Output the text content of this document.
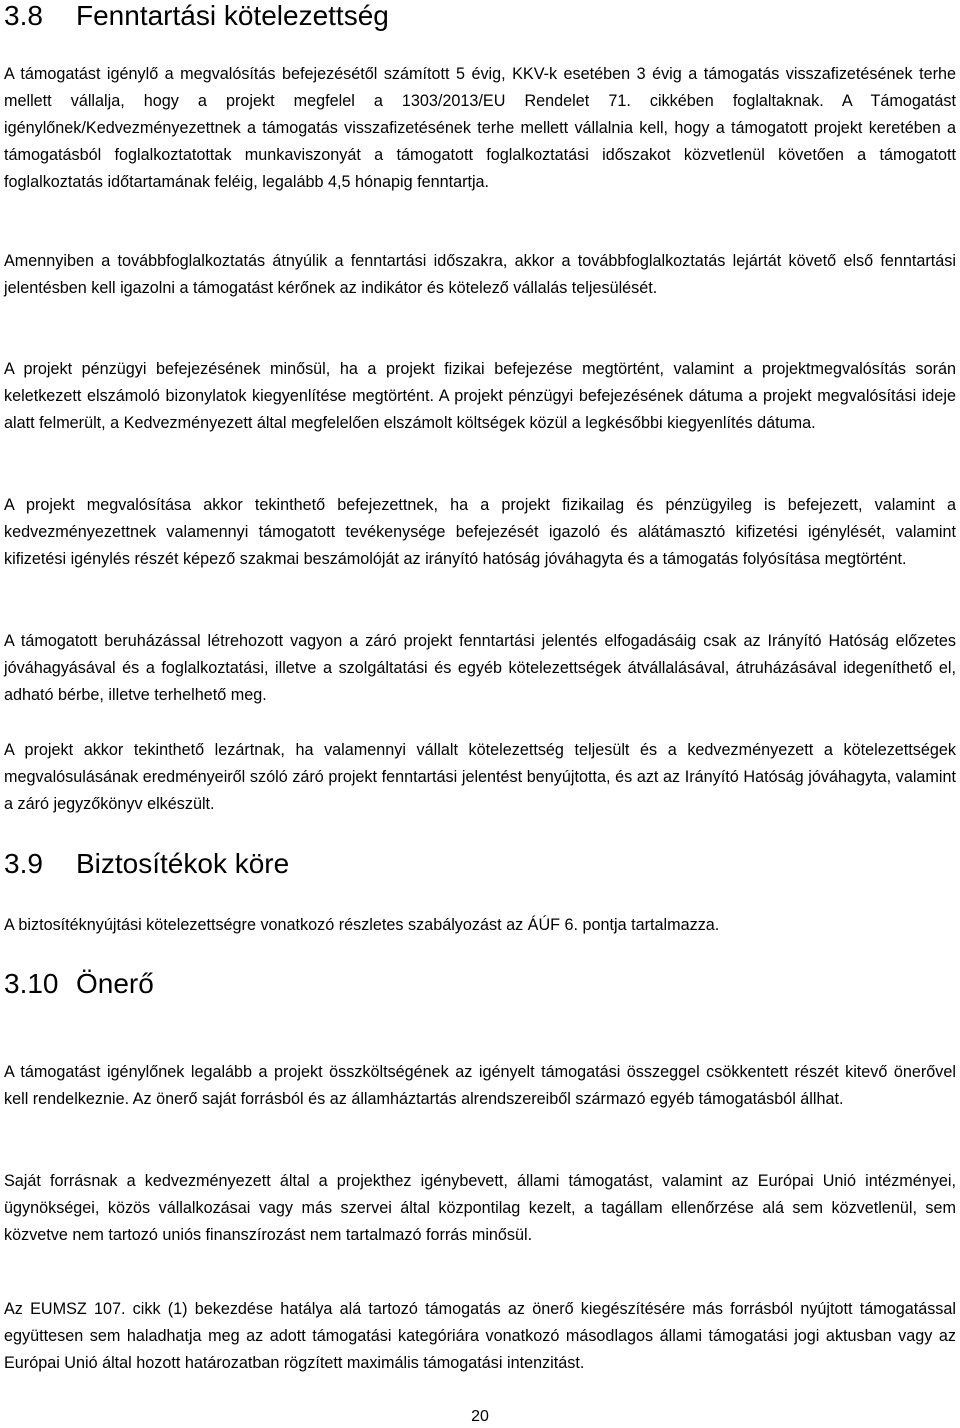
3.8 Fenntartási kötelezettség

A támogatást igénylő a megvalósítás befejezésétől számított 5 évig, KKV-k esetében 3 évig a támogatás visszafizetésének terhe mellett vállalja, hogy a projekt megfelel a 1303/2013/EU Rendelet 71. cikkében foglaltaknak. A Támogatást igénylőnek/Kedvezményezettnek a támogatás visszafizetésének terhe mellett vállalnia kell, hogy a támogatott projekt keretében a támogatásból foglalkoztatottak munkaviszonyát a támogatott foglalkoztatási időszakot közvetlenül követően a támogatott foglalkoztatás időtartamának feléig, legalább 4,5 hónapig fenntartja.

Amennyiben a továbbfoglalkoztatás átnyúlik a fenntartási időszakra, akkor a továbbfoglalkoztatás lejártát követő első fenntartási jelentésben kell igazolni a támogatást kérőnek az indikátor és kötelező vállalás teljesülését.

A projekt pénzügyi befejezésének minősül, ha a projekt fizikai befejezése megtörtént, valamint a projektmegvalósítás során keletkezett elszámoló bizonylatok kiegyenlítése megtörtént. A projekt pénzügyi befejezésének dátuma a projekt megvalósítási ideje alatt felmerült, a Kedvezményezett által megfelelően elszámolt költségek közül a legkésőbbi kiegyenlítés dátuma.

A projekt megvalósítása akkor tekinthető befejezettnek, ha a projekt fizikailag és pénzügyileg is befejezett, valamint a kedvezményezettnek valamennyi támogatott tevékenysége befejezését igazoló és alátámasztó kifizetési igénylését, valamint kifizetési igénylés részét képező szakmai beszámolóját az irányító hatóság jóváhagyta és a támogatás folyósítása megtörtént.

A támogatott beruházással létrehozott vagyon a záró projekt fenntartási jelentés elfogadásáig csak az Irányító Hatóság előzetes jóváhagyásával és a foglalkoztatási, illetve a szolgáltatási és egyéb kötelezettségek átvállalásával, átruházásával idegeníthető el, adható bérbe, illetve terhelhető meg.

A projekt akkor tekinthető lezártnak, ha valamennyi vállalt kötelezettség teljesült és a kedvezményezett a kötelezettségek megvalósulásának eredményeiről szóló záró projekt fenntartási jelentést benyújtotta, és azt az Irányító Hatóság jóváhagyta, valamint a záró jegyzőkönyv elkészült.

3.9 Biztosítékok köre

A biztosítéknyújtási kötelezettségre vonatkozó részletes szabályozást az ÁÚF 6. pontja tartalmazza.

3.10 Önerő

A támogatást igénylőnek legalább a projekt összköltségének az igényelt támogatási összeggel csökkentett részét kitevő önerővel kell rendelkeznie. Az önerő saját forrásból és az államháztartás alrendszereiből származó egyéb támogatásból állhat.

Saját forrásnak a kedvezményezett által a projekthez igénybevett, állami támogatást, valamint az Európai Unió intézményei, ügynökségei, közös vállalkozásai vagy más szervei által központilag kezelt, a tagállam ellenőrzése alá sem közvetlenül, sem közvetve nem tartozó uniós finanszírozást nem tartalmazó forrás minősül.

Az EUMSZ 107. cikk (1) bekezdése hatálya alá tartozó támogatás az önerő kiegészítésére más forrásból nyújtott támogatással együttesen sem haladhatja meg az adott támogatási kategóriára vonatkozó másodlagos állami támogatási jogi aktusban vagy az Európai Unió által hozott határozatban rögzített maximális támogatási intenzitást.

20
